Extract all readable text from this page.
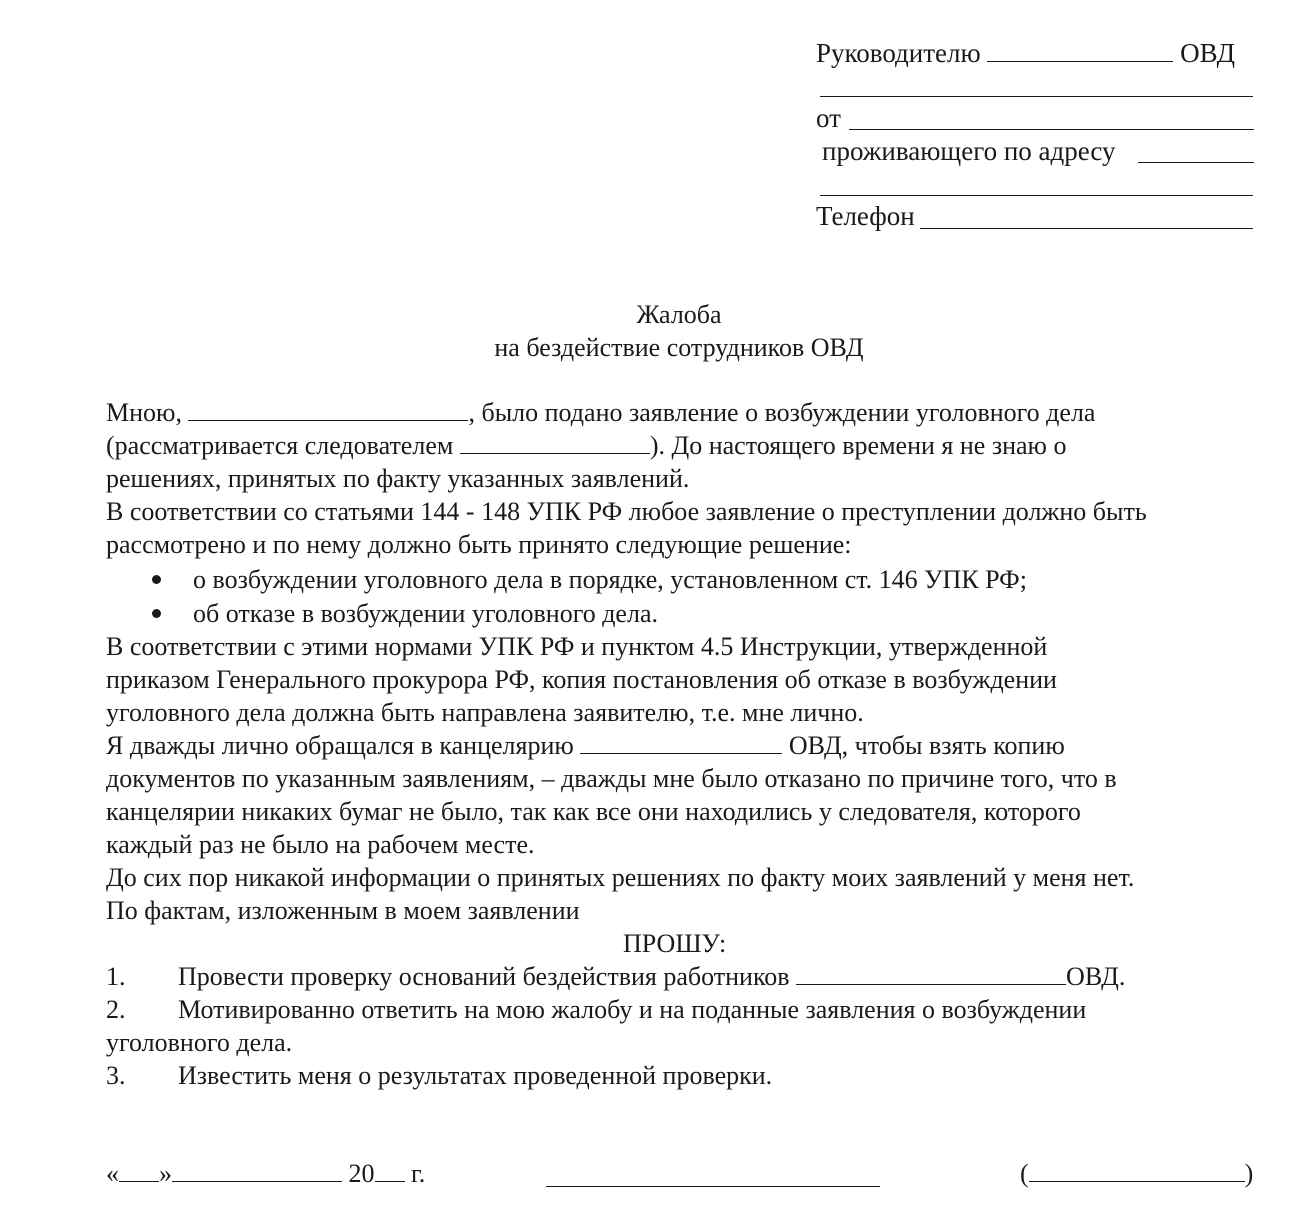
Руководителю	ОВД
от
проживающего по адресу
Телефон
Жалоба
на бездействие сотрудников ОВД
Мною,	, было подано заявление о возбуждении уголовного дела
(рассматривается следователем	). До настоящего времени я не знаю о
решениях, принятых по факту указанных заявлений.
В соответствии со статьями 144 - 148 УПК РФ любое заявление о преступлении должно быть
рассмотрено и по нему должно быть принято следующие решение:
о возбуждении уголовного дела в порядке, установленном ст. 146 УПК РФ;
об отказе в возбуждении уголовного дела.
В соответствии с этими нормами УПК РФ и пунктом 4.5 Инструкции, утвержденной
приказом Генерального прокурора РФ, копия постановления об отказе в возбуждении
уголовного дела должна быть направлена заявителю, т.е. мне лично.
Я дважды лично обращался в канцелярию	ОВД, чтобы взять копию
документов по указанным заявлениям, – дважды мне было отказано по причине того, что в
канцелярии никаких бумаг не было, так как все они находились у следователя, которого
каждый раз не было на рабочем месте.
До сих пор никакой информации о принятых решениях по факту моих заявлений у меня нет.
По фактам, изложенным в моем заявлении
ПРОШУ:
1. Провести проверку оснований бездействия работников	ОВД.
2. Мотивированно ответить на мою жалобу и на поданные заявления о возбуждении
уголовного дела.
3. Известить меня о результатах проведенной проверки.
« »	20 г.	(	)
